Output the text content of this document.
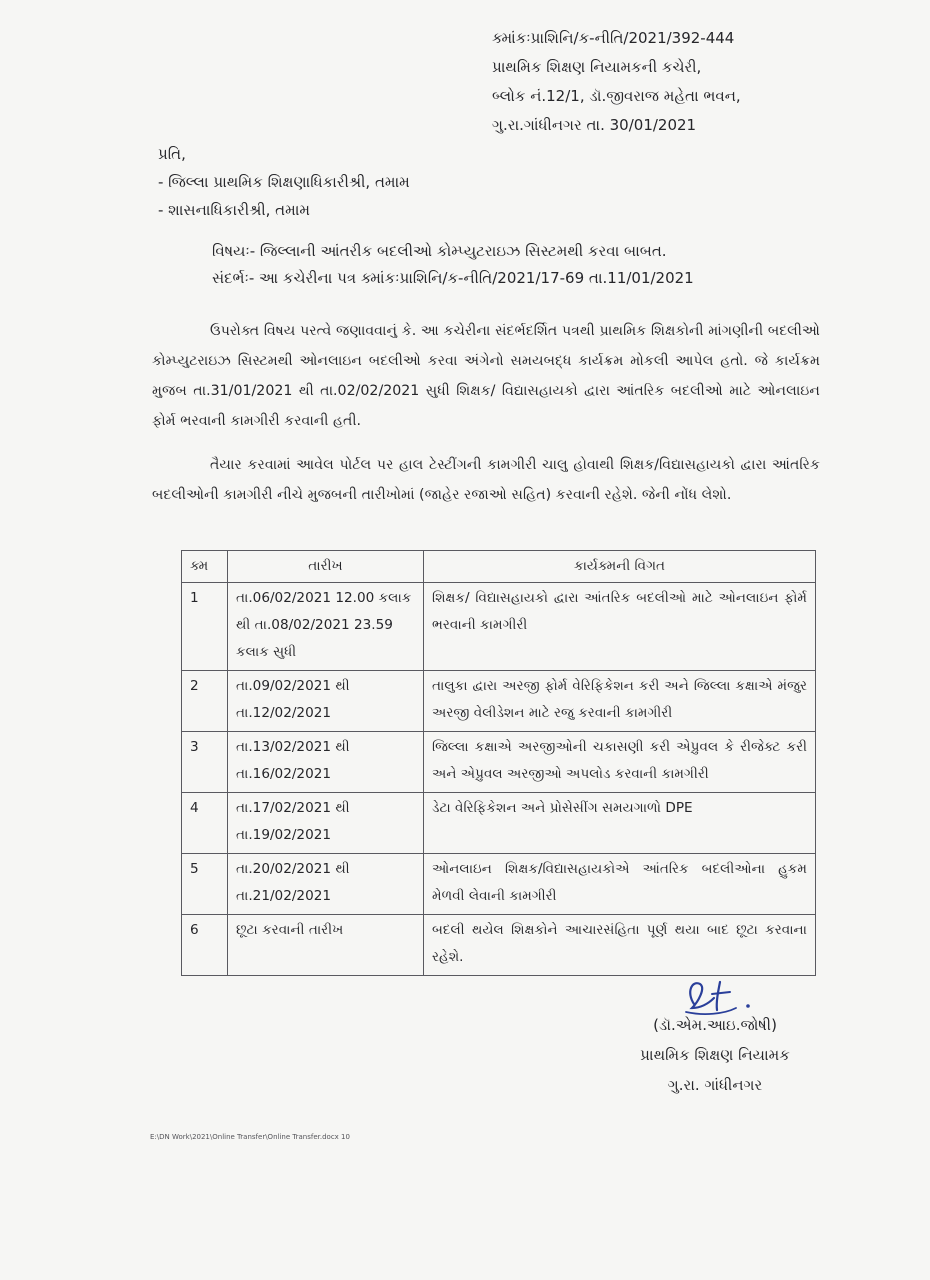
ક્માંકઃપ્રાશિનિ/ક-નીતિ/2021/392-444
પ્રાથમિક શિક્ષણ નિયામકની કચેરી,
બ્લોક નં.12/1, ડૉ.જીવરાજ મહેતા ભવન,
ગુ.રા.ગાંધીનગર તા. 30/01/2021
પ્રતિ,
- જિલ્લા પ્રાથમિક શિક્ષણાધિકારીશ્રી, તમામ
- શાસનાધિકારીશ્રી, તમામ
વિષયઃ- જિલ્લાની આંતરીક બદલીઓ કોમ્પ્યુટરાઇઝ સિસ્ટમથી કરવા બાબત.
સંદર્ભઃ- આ કચેરીના પત્ર ક્માંકઃપ્રાશિનિ/ક-નીતિ/2021/17-69 તા.11/01/2021

ઉપરોક્ત વિષય પરત્વે જણાવવાનું કે. આ કચેરીના સંદર્ભદર્શિત પત્રથી પ્રાથમિક શિક્ષકોની માંગણીની બદલીઓ કોમ્પ્યુટરાઇઝ સિસ્ટમથી ઓનલાઇન બદલીઓ કરવા અંગેનો સમયબદ્ધ કાર્યક્રમ મોકલી આપેલ હતો. જે કાર્યક્રમ મુજબ તા.31/01/2021 થી તા.02/02/2021 સુધી શિક્ષક/ વિદ્યાસહાયકો દ્વારા આંતરિક બદલીઓ માટે ઓનલાઇન ફોર્મ ભરવાની કામગીરી કરવાની હતી.

તૈયાર કરવામાં આવેલ પોર્ટલ પર હાલ ટેસ્ટીંગની કામગીરી ચાલુ હોવાથી શિક્ષક/વિદ્યાસહાયકો દ્વારા આંતરિક બદલીઓની કામગીરી નીચે મુજબની તારીખોમાં (જાહેર રજાઓ સહિત) કરવાની રહેશે. જેની નોંધ લેશો.

ક્મ	તારીખ	કાર્યક્મની વિગત
1	તા.06/02/2021 12.00 કલાક થી તા.08/02/2021 23.59 કલાક સુધી	શિક્ષક/ વિદ્યાસહાયકો દ્વારા આંતરિક બદલીઓ માટે ઓનલાઇન ફોર્મ ભરવાની કામગીરી
2	તા.09/02/2021 થી તા.12/02/2021	તાલુકા દ્વારા અરજી ફોર્મ વેરિફિકેશન કરી અને જિલ્લા કક્ષાએ મંજુર અરજી વેલીડેશન માટે રજુ કરવાની કામગીરી
3	તા.13/02/2021 થી તા.16/02/2021	જિલ્લા કક્ષાએ અરજીઓની ચકાસણી કરી એપ્રુવલ કે રીજેક્ટ કરી અને એપ્રુવલ અરજીઓ અપલોડ કરવાની કામગીરી
4	તા.17/02/2021 થી તા.19/02/2021	ડેટા વેરિફિકેશન અને પ્રોસેસીંગ સમયગાળો DPE
5	તા.20/02/2021 થી તા.21/02/2021	ઓનલાઇન શિક્ષક/વિદ્યાસહાયકોએ આંતરિક બદલીઓના હુકમ મેળવી લેવાની કામગીરી
6	છૂટા કરવાની તારીખ	બદલી થયેલ શિક્ષકોને આચારસંહિતા પૂર્ણ થયા બાદ છૂટા કરવાના રહેશે.
(ડૉ.એમ.આઇ.જોષી)
પ્રાથમિક શિક્ષણ નિયામક
ગુ.રા. ગાંધીનગર
E:\DN Work\2021\Online Transfer\Online Transfer.docx 10
